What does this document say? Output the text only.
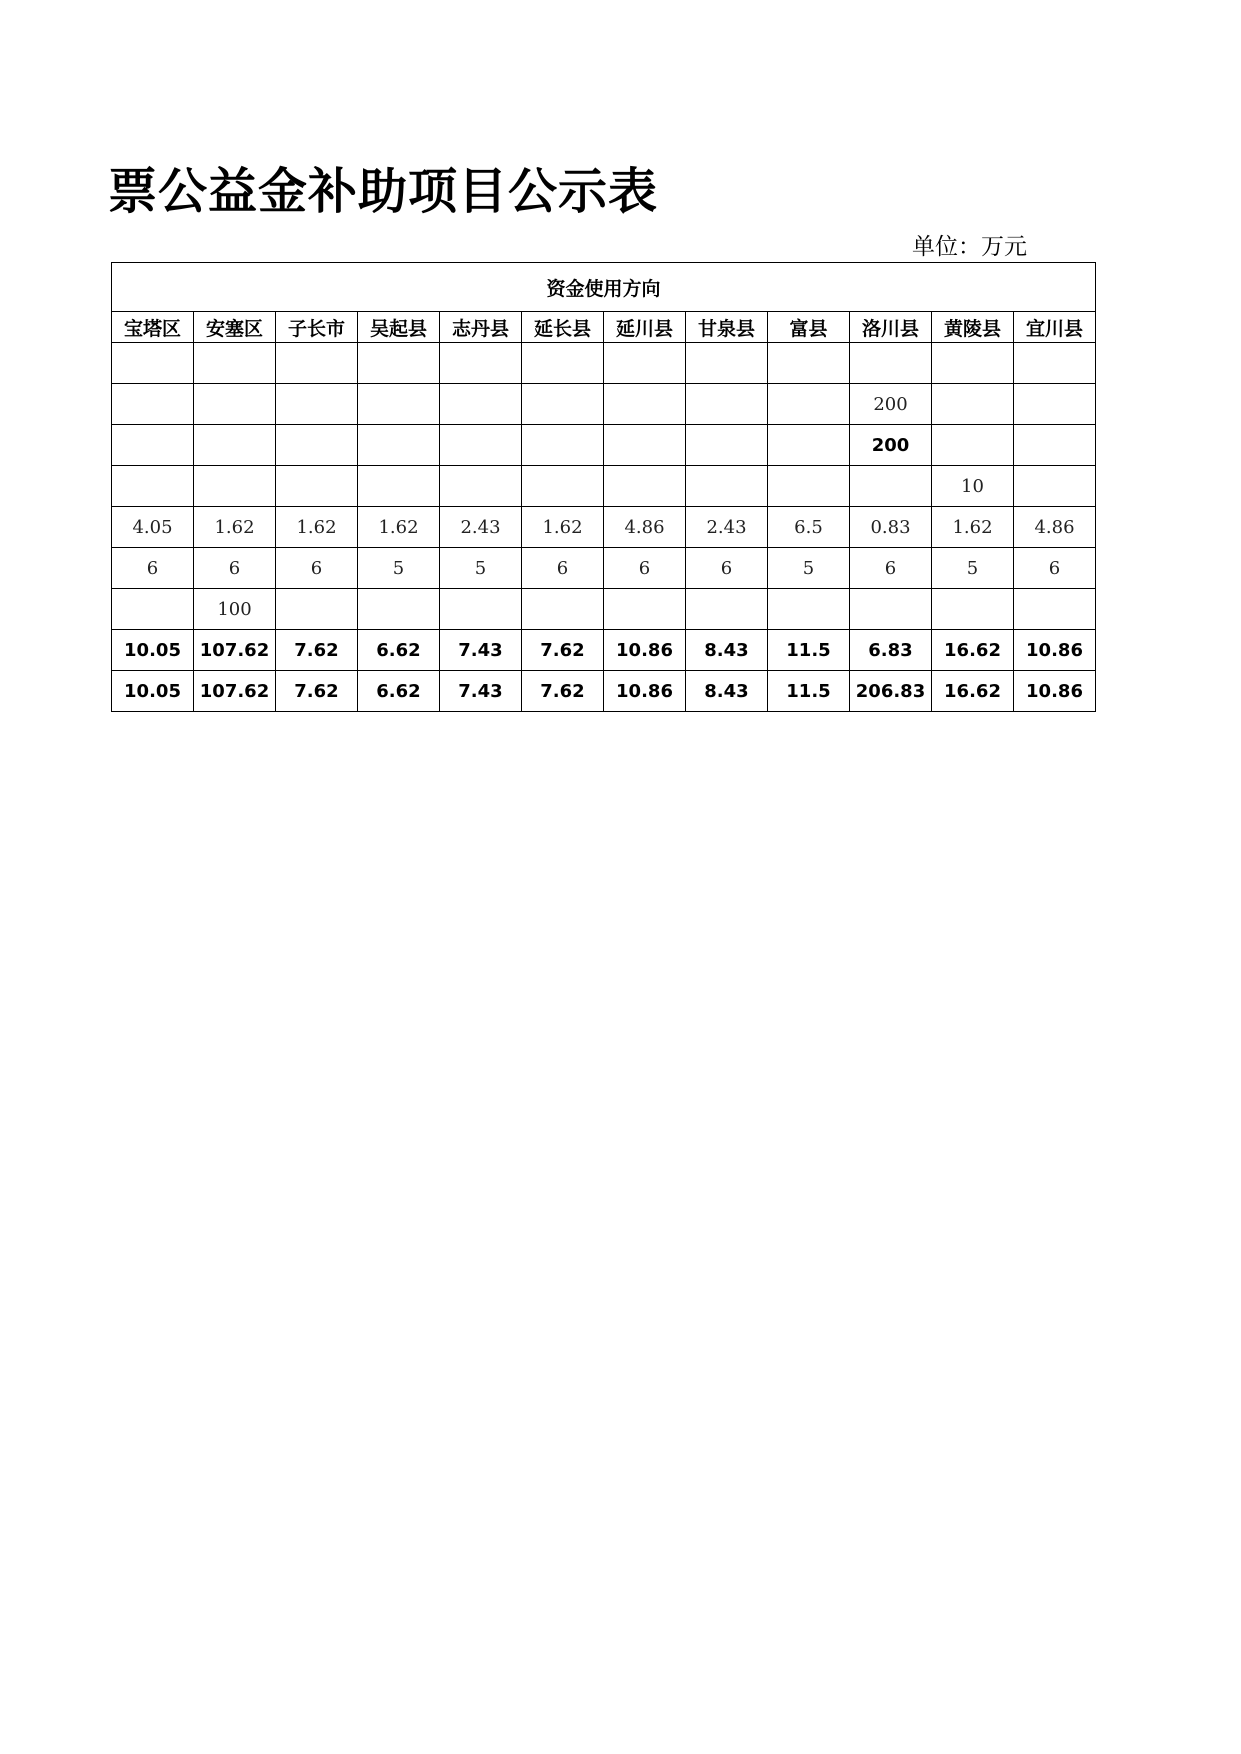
票公益金补助项目公示表
单位：万元
资金使用方向											
宝塔区	安塞区	子长市	吴起县	志丹县	延长县	延川县	甘泉县	富县	洛川县	黄陵县	宜川县

									200		
									200		
										10	
4.05	1.62	1.62	1.62	2.43	1.62	4.86	2.43	6.5	0.83	1.62	4.86
6	6	6	5	5	6	6	6	5	6	5	6
	100										
10.05	107.62	7.62	6.62	7.43	7.62	10.86	8.43	11.5	6.83	16.62	10.86
10.05	107.62	7.62	6.62	7.43	7.62	10.86	8.43	11.5	206.83	16.62	10.86
